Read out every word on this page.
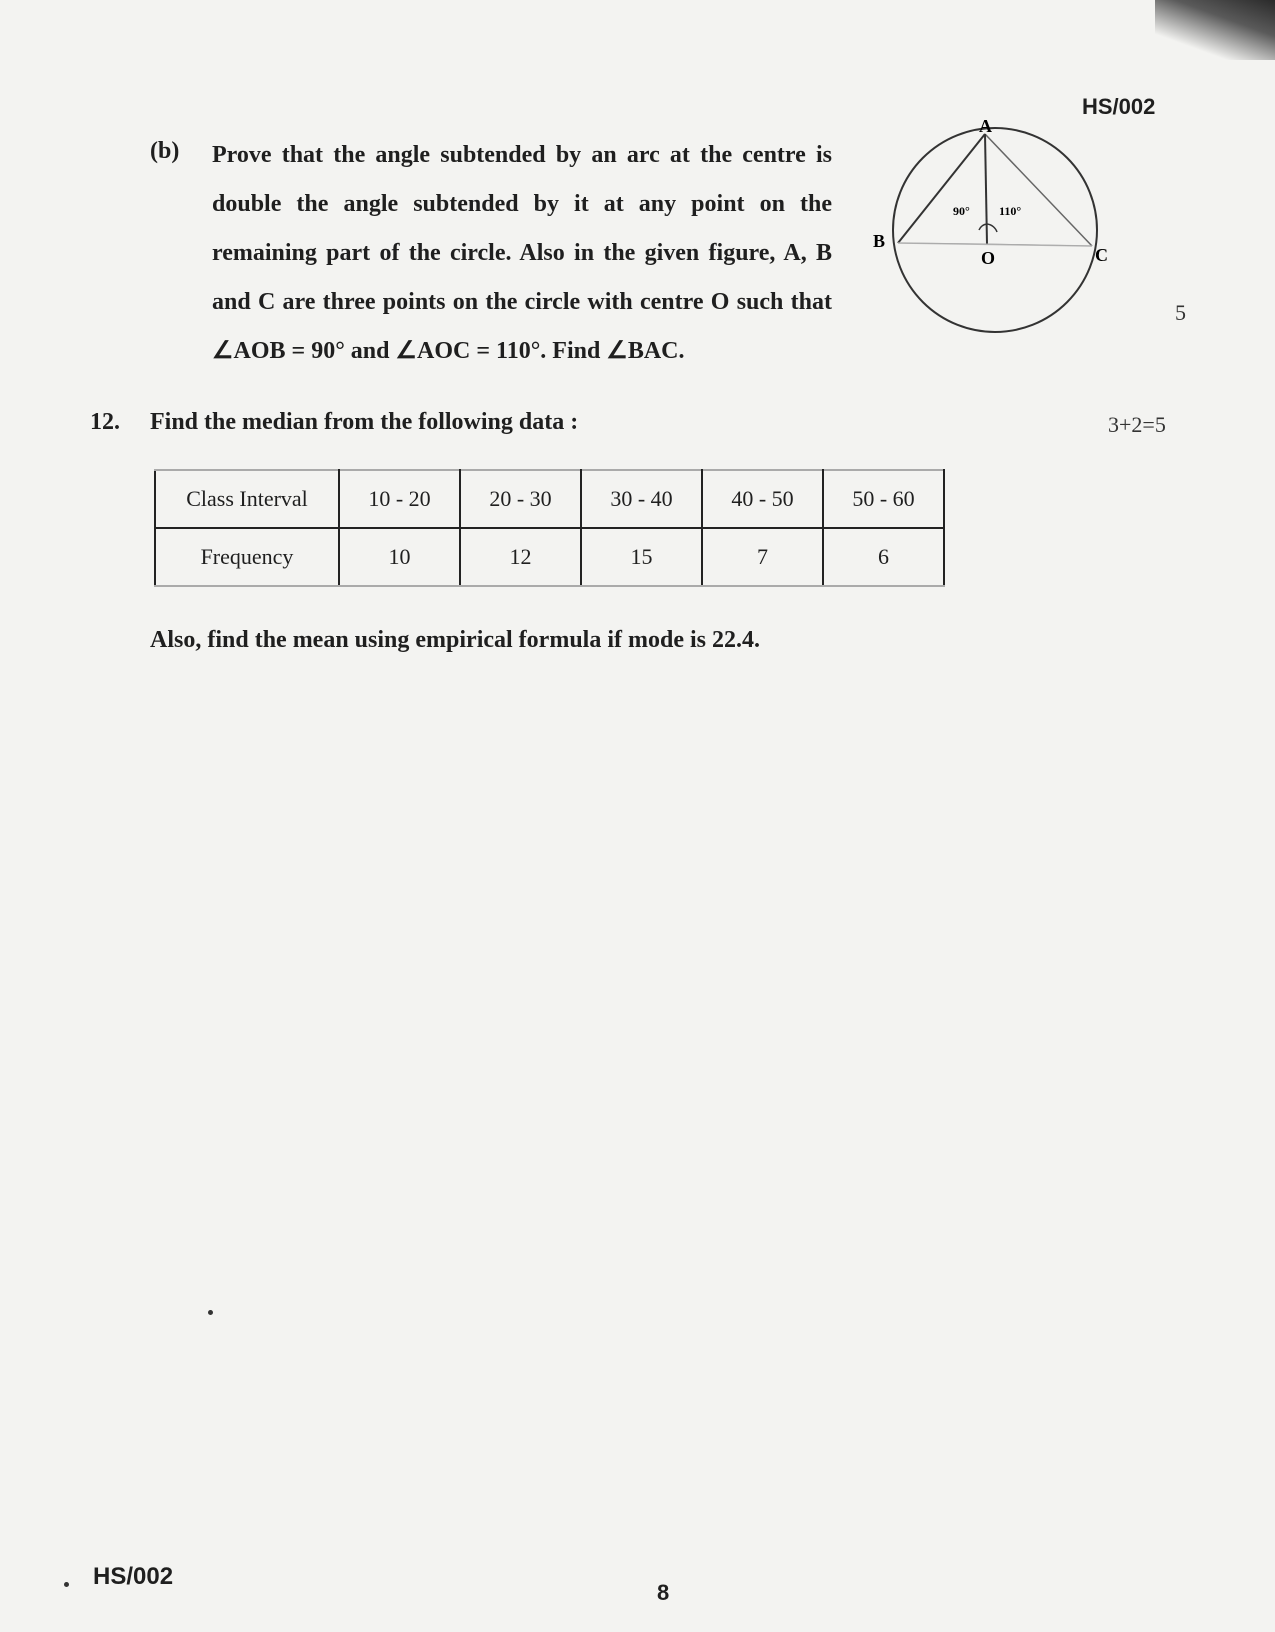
HS/002
(b) Prove that the angle subtended by an arc at the centre is double the angle subtended by it at any point on the remaining part of the circle. Also in the given figure, A, B and C are three points on the circle with centre O such that ∠AOB = 90° and ∠AOC = 110°. Find ∠BAC.

A
B
C
O
90° 110°
5
12. Find the median from the following data :	3+2=5
Class Interval	10 - 20	20 - 30	30 - 40	40 - 50	50 - 60
Frequency	10	12	15	7	6
Also, find the mean using empirical formula if mode is 22.4.
HS/002
8
